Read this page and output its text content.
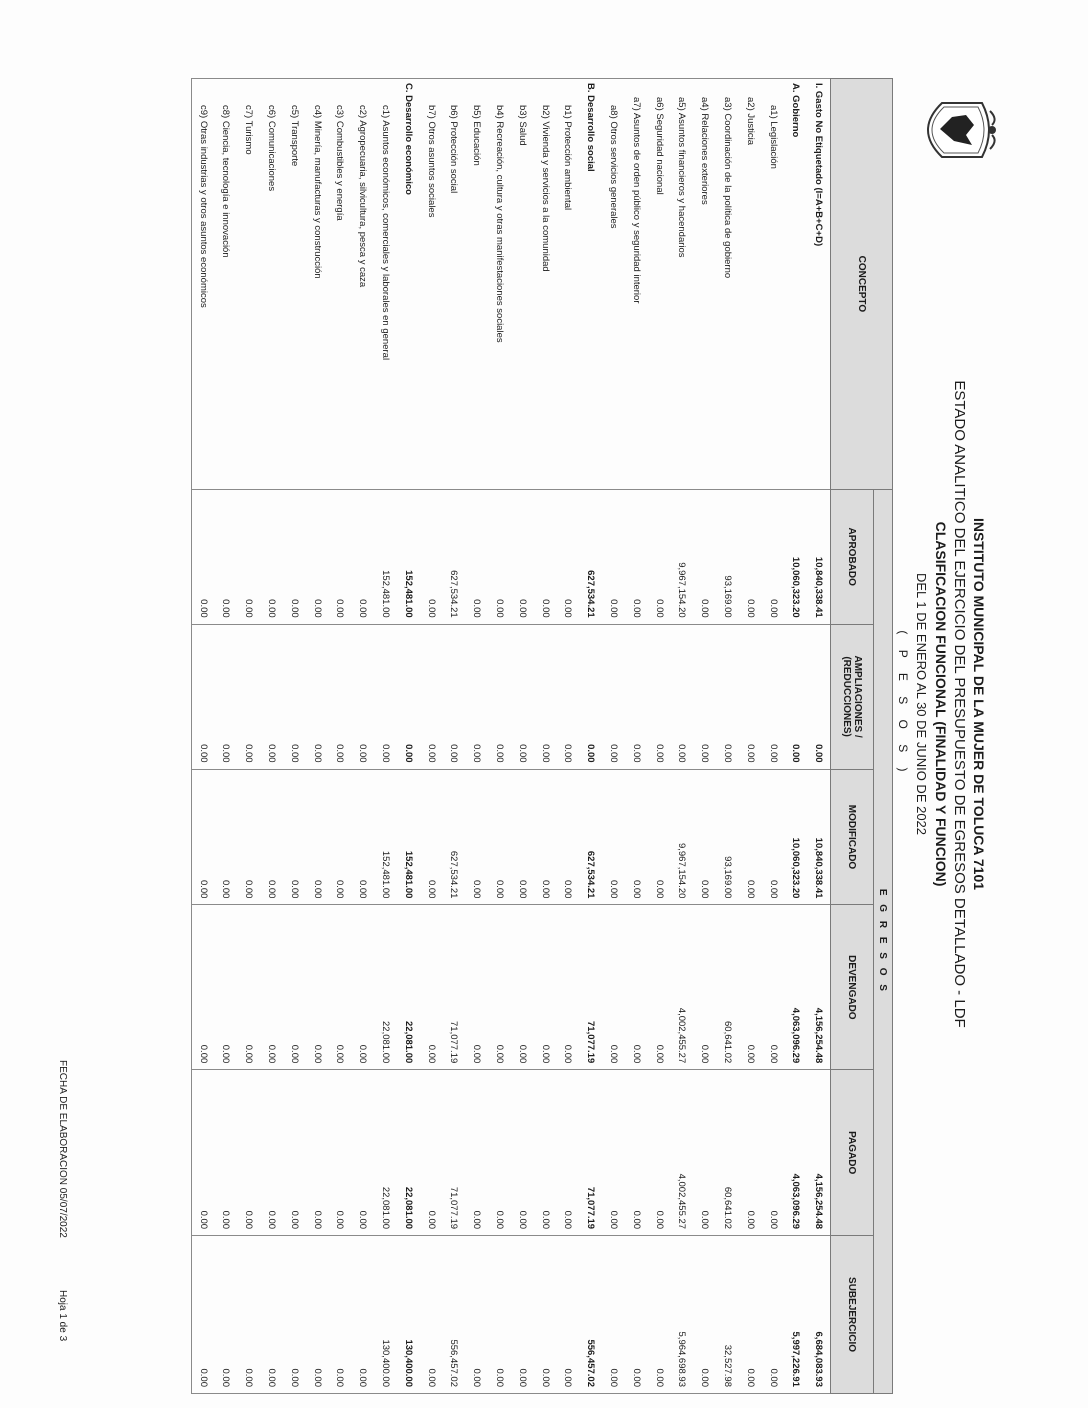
INSTITUTO MUNICIPAL DE LA MUJER DE TOLUCA 7101
ESTADO ANALITICO DEL EJERCICIO DEL PRESUPUESTO DE EGRESOS DETALLADO - LDF
CLASIFICACION FUNCIONAL (FINALIDAD Y FUNCION)
DEL 1 DE ENERO AL 30 DE JUNIO DE 2022
( P E S O S )
CONCEPTO	E G R E S O S					
	APROBADO	AMPLIACIONES / (REDUCCIONES)	MODIFICADO	DEVENGADO	PAGADO	SUBEJERCICIO
I. Gasto No Etiquetado (I=A+B+C+D)	10,840,338.41	0.00	10,840,338.41	4,156,254.48	4,156,254.48	6,684,083.93
A. Gobierno	10,060,323.20	0.00	10,060,323.20	4,063,096.29	4,063,096.29	5,997,226.91
a1) Legislación	0.00	0.00	0.00	0.00	0.00	0.00
a2) Justicia	0.00	0.00	0.00	0.00	0.00	0.00
a3) Coordinación de la política de gobierno	93,169.00	0.00	93,169.00	60,641.02	60,641.02	32,527.98
a4) Relaciones exteriores	0.00	0.00	0.00	0.00	0.00	0.00
a5) Asuntos financieros y hacendarios	9,967,154.20	0.00	9,967,154.20	4,002,455.27	4,002,455.27	5,964,698.93
a6) Seguridad nacional	0.00	0.00	0.00	0.00	0.00	0.00
a7) Asuntos de orden público y seguridad interior	0.00	0.00	0.00	0.00	0.00	0.00
a8) Otros servicios generales	0.00	0.00	0.00	0.00	0.00	0.00
B. Desarrollo social	627,534.21	0.00	627,534.21	71,077.19	71,077.19	556,457.02
b1) Protección ambiental	0.00	0.00	0.00	0.00	0.00	0.00
b2) Vivienda y servicios a la comunidad	0.00	0.00	0.00	0.00	0.00	0.00
b3) Salud	0.00	0.00	0.00	0.00	0.00	0.00
b4) Recreación, cultura y otras manifestaciones sociales	0.00	0.00	0.00	0.00	0.00	0.00
b5) Educación	0.00	0.00	0.00	0.00	0.00	0.00
b6) Protección social	627,534.21	0.00	627,534.21	71,077.19	71,077.19	556,457.02
b7) Otros asuntos sociales	0.00	0.00	0.00	0.00	0.00	0.00
C. Desarrollo económico	152,481.00	0.00	152,481.00	22,081.00	22,081.00	130,400.00
c1) Asuntos económicos, comerciales y laborales en general	152,481.00	0.00	152,481.00	22,081.00	22,081.00	130,400.00
c2) Agropecuaria, silvicultura, pesca y caza	0.00	0.00	0.00	0.00	0.00	0.00
c3) Combustibles y energía	0.00	0.00	0.00	0.00	0.00	0.00
c4) Minería, manufacturas y construcción	0.00	0.00	0.00	0.00	0.00	0.00
c5) Transporte	0.00	0.00	0.00	0.00	0.00	0.00
c6) Comunicaciones	0.00	0.00	0.00	0.00	0.00	0.00
c7) Turismo	0.00	0.00	0.00	0.00	0.00	0.00
c8) Ciencia, tecnología e innovación	0.00	0.00	0.00	0.00	0.00	0.00
c9) Otras industrias y otros asuntos económicos	0.00	0.00	0.00	0.00	0.00	0.00
FECHA DE ELABORACION 05/07/2022
Hoja 1 de 3
